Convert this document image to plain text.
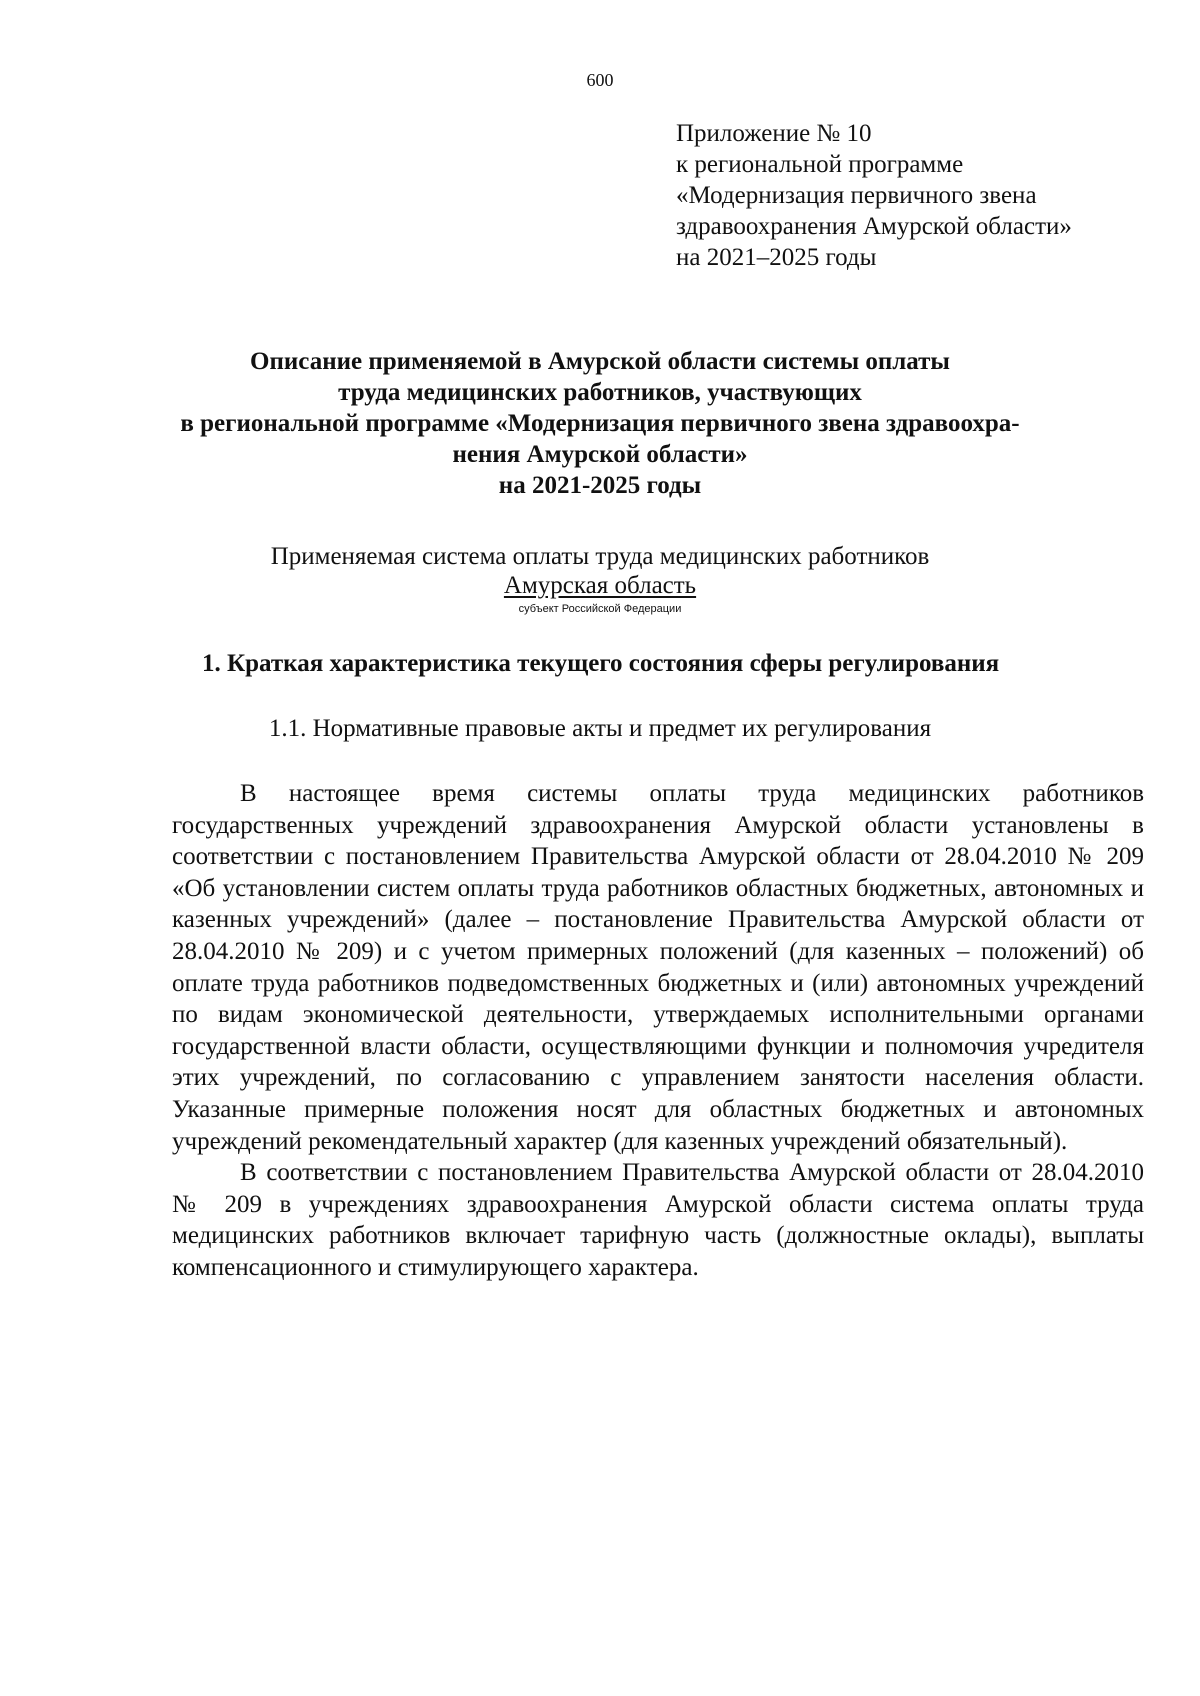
600
Приложение № 10
к региональной программе
«Модернизация первичного звена
здравоохранения Амурской области»
на 2021–2025 годы
Описание применяемой в Амурской области системы оплаты
труда медицинских работников, участвующих
в региональной программе «Модернизация первичного звена здравоохра-
нения Амурской области»
на 2021-2025 годы
Применяемая система оплаты труда медицинских работников
Амурская область
субъект Российской Федерации
1. Краткая характеристика текущего состояния сферы регулирования
1.1. Нормативные правовые акты и предмет их регулирования

В настоящее время системы оплаты труда медицинских работников государственных учреждений здравоохранения Амурской области установлены в соответствии с постановлением Правительства Амурской области от 28.04.2010 № 209 «Об установлении систем оплаты труда работников областных бюджетных, автономных и казенных учреждений» (далее – постановление Правительства Амурской области от 28.04.2010 № 209) и с учетом примерных положений (для казенных – положений) об оплате труда работников подведомственных бюджетных и (или) автономных учреждений по видам экономической деятельности, утверждаемых исполнительными органами государственной власти области, осуществляющими функции и полномочия учредителя этих учреждений, по согласованию с управлением занятости населения области. Указанные примерные положения носят для областных бюджетных и автономных учреждений рекомендательный характер (для казенных учреждений обязательный).

В соответствии с постановлением Правительства Амурской области от 28.04.2010 № 209 в учреждениях здравоохранения Амурской области система оплаты труда медицинских работников включает тарифную часть (должностные оклады), выплаты компенсационного и стимулирующего характера.
